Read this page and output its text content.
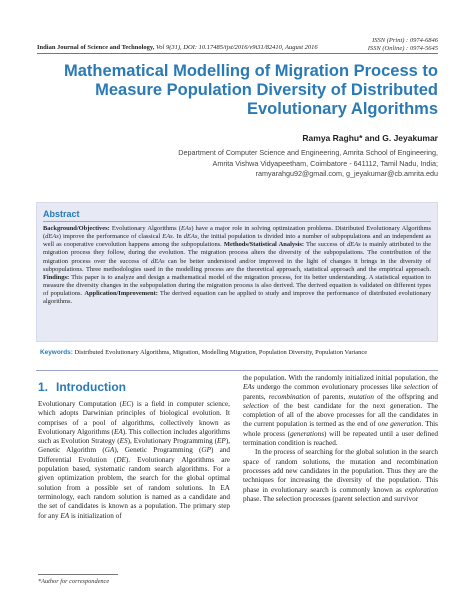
Indian Journal of Science and Technology, Vol 9(31), DOI: 10.17485/ijst/2016/v9i31/82410, August 2016
ISSN (Print) : 0974-6846
ISSN (Online) : 0974-5645
Mathematical Modelling of Migration Process to Measure Population Diversity of Distributed Evolutionary Algorithms
Ramya Raghu* and G. Jeyakumar
Department of Computer Science and Engineering, Amrita School of Engineering,
Amrita Vishwa Vidyapeetham, Coimbatore - 641112, Tamil Nadu, India;
ramyarahgu92@gmail.com, g_jeyakumar@cb.amrita.edu
Abstract
Background/Objectives: Evolutionary Algorithms (EAs) have a major role in solving optimization problems. Distributed Evolutionary Algorithms (dEAs) improve the performance of classical EAs. In dEAs, the initial population is divided into a number of subpopulations and an independent as well as cooperative coevolution happens among the subpopulations. Methods/Statistical Analysis: The success of dEAs is mainly attributed to the migration process they follow, during the evolution. The migration process alters the diversity of the subpopulations. The contribution of the migration process over the success of dEAs can be better understood and/or improved in the light of changes it brings in the diversity of subpopulations. Three methodologies used in the modelling process are the theoretical approach, statistical approach and the empirical approach. Findings: This paper is to analyze and design a mathematical model of the migration process, for its better understanding. A statistical equation to measure the diversity changes in the subpopulation during the migration process is also derived. The derived equation is validated on different types of populations. Application/Improvement: The derived equation can be applied to study and improve the performance of distributed evolutionary algorithms.
Keywords: Distributed Evolutionary Algorithms, Migration, Modelling Migration, Population Diversity, Population Variance
1. Introduction

Evolutionary Computation (EC) is a field in computer science, which adopts Darwinian principles of biological evolution. It comprises of a pool of algorithms, collectively known as Evolutionary Algorithms (EA). This collection includes algorithms such as Evolution Strategy (ES), Evolutionary Programming (EP), Genetic Algorithm (GA), Genetic Programming (GP) and Differential Evolution (DE). Evolutionary Algorithms are population based, systematic random search algorithms. For a given optimization problem, the search for the global optimal solution from a possible set of random solutions. In EA terminology, each random solution is named as a candidate and the set of candidates is known as a population. The primary step for any EA is initialization of

the population. With the randomly initialized initial population, the EAs undergo the common evolutionary processes like selection of parents, recombination of parents, mutation of the offspring and selection of the best candidate for the next generation. The completion of all of the above processes for all the candidates in the current population is termed as the end of one generation. This whole process (generations) will be repeated until a user defined termination condition is reached.

In the process of searching for the global solution in the search space of random solutions, the mutation and recombination processes add new candidates in the population. Thus they are the techniques for increasing the diversity of the population. This phase in evolutionary search is commonly known as exploration phase. The selection processes (parent selection and survivor

*Author for correspondence
